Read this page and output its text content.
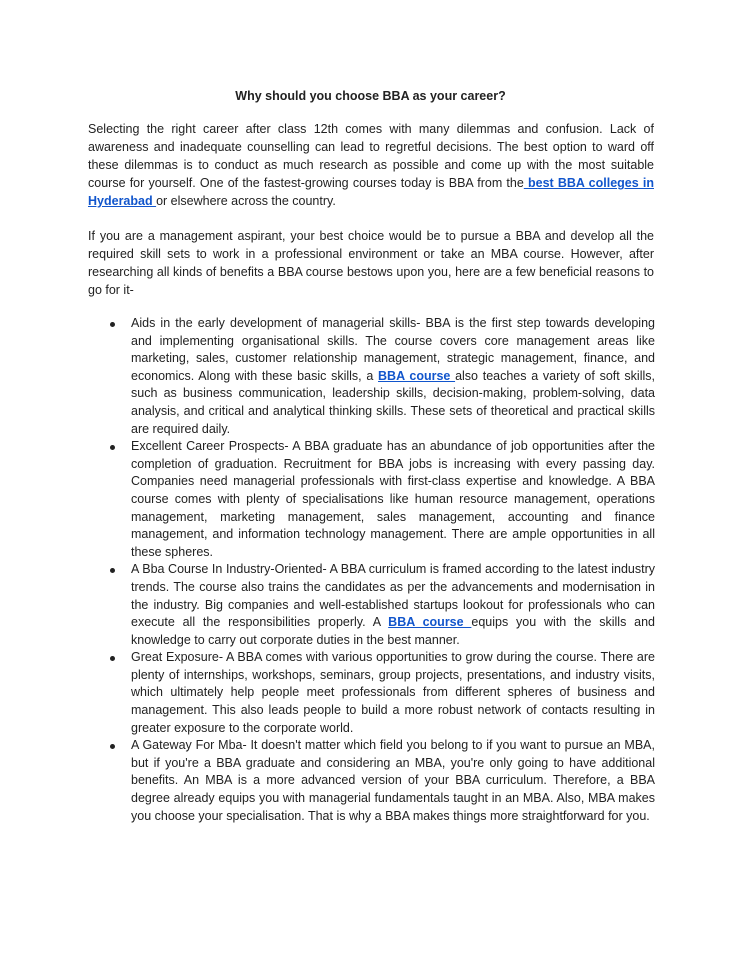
Why should you choose BBA as your career?

Selecting the right career after class 12th comes with many dilemmas and confusion. Lack of awareness and inadequate counselling can lead to regretful decisions. The best option to ward off these dilemmas is to conduct as much research as possible and come up with the most suitable course for yourself. One of the fastest-growing courses today is BBA from the best BBA colleges in Hyderabad or elsewhere across the country.

If you are a management aspirant, your best choice would be to pursue a BBA and develop all the required skill sets to work in a professional environment or take an MBA course. However, after researching all kinds of benefits a BBA course bestows upon you, here are a few beneficial reasons to go for it-

Aids in the early development of managerial skills- BBA is the first step towards developing and implementing organisational skills. The course covers core management areas like marketing, sales, customer relationship management, strategic management, finance, and economics. Along with these basic skills, a BBA course also teaches a variety of soft skills, such as business communication, leadership skills, decision-making, problem-solving, data analysis, and critical and analytical thinking skills. These sets of theoretical and practical skills are required daily.
Excellent Career Prospects- A BBA graduate has an abundance of job opportunities after the completion of graduation. Recruitment for BBA jobs is increasing with every passing day. Companies need managerial professionals with first-class expertise and knowledge. A BBA course comes with plenty of specialisations like human resource management, operations management, marketing management, sales management, accounting and finance management, and information technology management. There are ample opportunities in all these spheres.
A Bba Course In Industry-Oriented- A BBA curriculum is framed according to the latest industry trends. The course also trains the candidates as per the advancements and modernisation in the industry. Big companies and well-established startups lookout for professionals who can execute all the responsibilities properly. A BBA course equips you with the skills and knowledge to carry out corporate duties in the best manner.
Great Exposure- A BBA comes with various opportunities to grow during the course. There are plenty of internships, workshops, seminars, group projects, presentations, and industry visits, which ultimately help people meet professionals from different spheres of business and management. This also leads people to build a more robust network of contacts resulting in greater exposure to the corporate world.
A Gateway For Mba- It doesn't matter which field you belong to if you want to pursue an MBA, but if you're a BBA graduate and considering an MBA, you're only going to have additional benefits. An MBA is a more advanced version of your BBA curriculum. Therefore, a BBA degree already equips you with managerial fundamentals taught in an MBA. Also, MBA makes you choose your specialisation. That is why a BBA makes things more straightforward for you.
